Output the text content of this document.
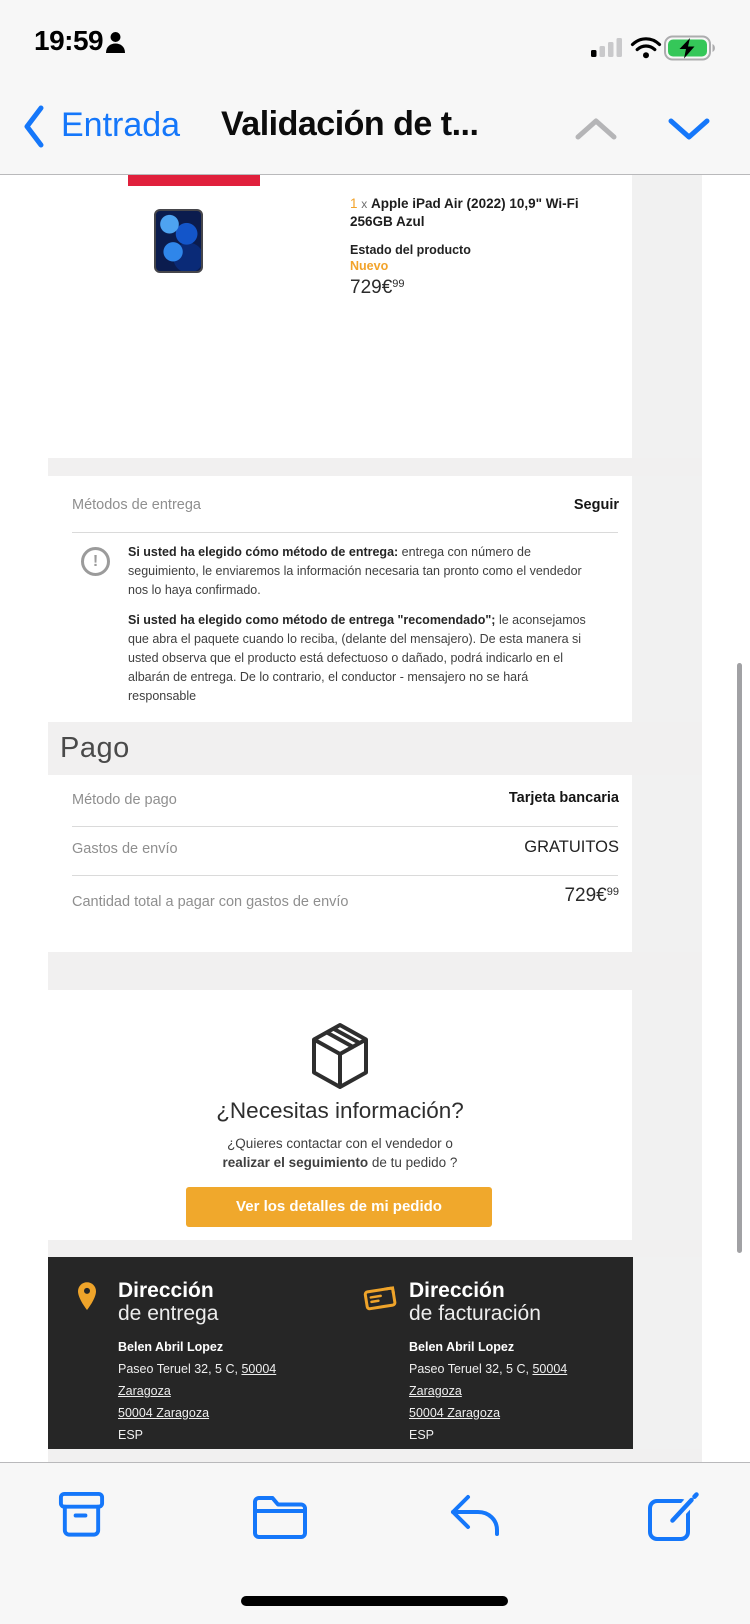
19:59
Entrada Validación de t...
1 x Apple iPad Air (2022) 10,9" Wi-Fi 256GB Azul
Estado del producto
Nuevo
729€$^{99}$
Métodos de entrega	Seguir
!
Si usted ha elegido cómo método de entrega: entrega con número de seguimiento, le enviaremos la información necesaria tan pronto como el vendedor nos lo haya confirmado.
Si usted ha elegido como método de entrega "recomendado"; le aconsejamos que abra el paquete cuando lo reciba, (delante del mensajero). De esta manera si usted observa que el producto está defectuoso o dañado, podrá indicarlo en el albarán de entrega. De lo contrario, el conductor - mensajero no se hará responsable
Pago
Método de pago	Tarjeta bancaria
Gastos de envío	GRATUITOS
Cantidad total a pagar con gastos de envío	729€$^{99}$
¿Necesitas información?
¿Quieres contactar con el vendedor o
realizar el seguimiento de tu pedido ?
Ver los detalles de mi pedido
Dirección
de entrega
Belen Abril Lopez
Paseo Teruel 32, 5 C, 50004
Zaragoza
50004 Zaragoza
ESP
Dirección
de facturación
Belen Abril Lopez
Paseo Teruel 32, 5 C, 50004
Zaragoza
50004 Zaragoza
ESP
